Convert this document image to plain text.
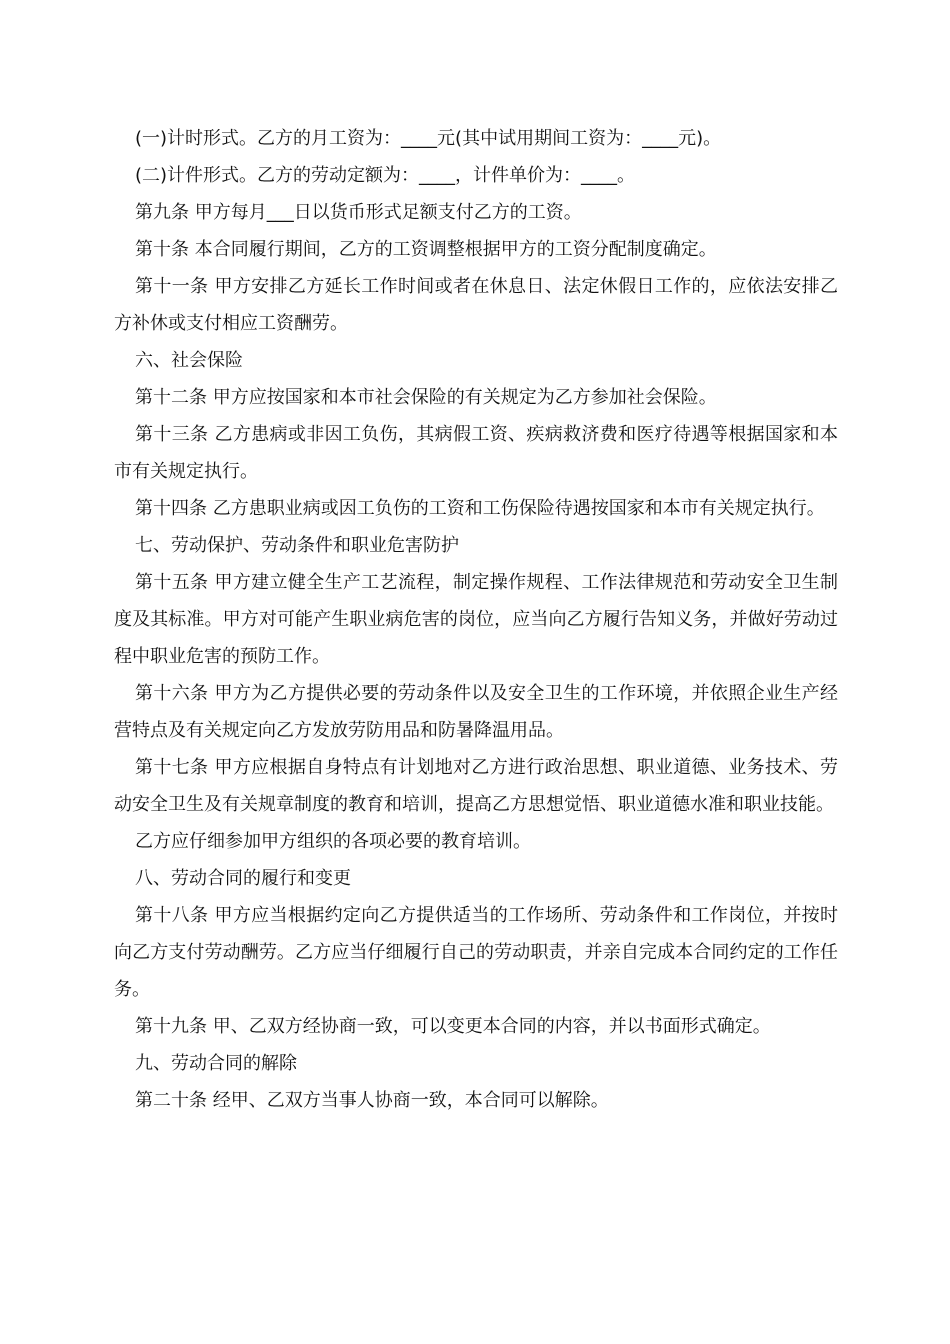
(一)计时形式。乙方的月工资为：____元(其中试用期间工资为：____元)。

(二)计件形式。乙方的劳动定额为：____，计件单价为：____。

第九条 甲方每月___日以货币形式足额支付乙方的工资。

第十条 本合同履行期间，乙方的工资调整根据甲方的工资分配制度确定。

第十一条 甲方安排乙方延长工作时间或者在休息日、法定休假日工作的，应依法安排乙方补休或支付相应工资酬劳。

六、社会保险

第十二条 甲方应按国家和本市社会保险的有关规定为乙方参加社会保险。

第十三条 乙方患病或非因工负伤，其病假工资、疾病救济费和医疗待遇等根据国家和本市有关规定执行。

第十四条 乙方患职业病或因工负伤的工资和工伤保险待遇按国家和本市有关规定执行。

七、劳动保护、劳动条件和职业危害防护

第十五条 甲方建立健全生产工艺流程，制定操作规程、工作法律规范和劳动安全卫生制度及其标准。甲方对可能产生职业病危害的岗位，应当向乙方履行告知义务，并做好劳动过程中职业危害的预防工作。

第十六条 甲方为乙方提供必要的劳动条件以及安全卫生的工作环境，并依照企业生产经营特点及有关规定向乙方发放劳防用品和防暑降温用品。

第十七条 甲方应根据自身特点有计划地对乙方进行政治思想、职业道德、业务技术、劳动安全卫生及有关规章制度的教育和培训，提高乙方思想觉悟、职业道德水准和职业技能。

乙方应仔细参加甲方组织的各项必要的教育培训。

八、劳动合同的履行和变更

第十八条 甲方应当根据约定向乙方提供适当的工作场所、劳动条件和工作岗位，并按时向乙方支付劳动酬劳。乙方应当仔细履行自己的劳动职责，并亲自完成本合同约定的工作任务。

第十九条 甲、乙双方经协商一致，可以变更本合同的内容，并以书面形式确定。

九、劳动合同的解除

第二十条 经甲、乙双方当事人协商一致，本合同可以解除。
